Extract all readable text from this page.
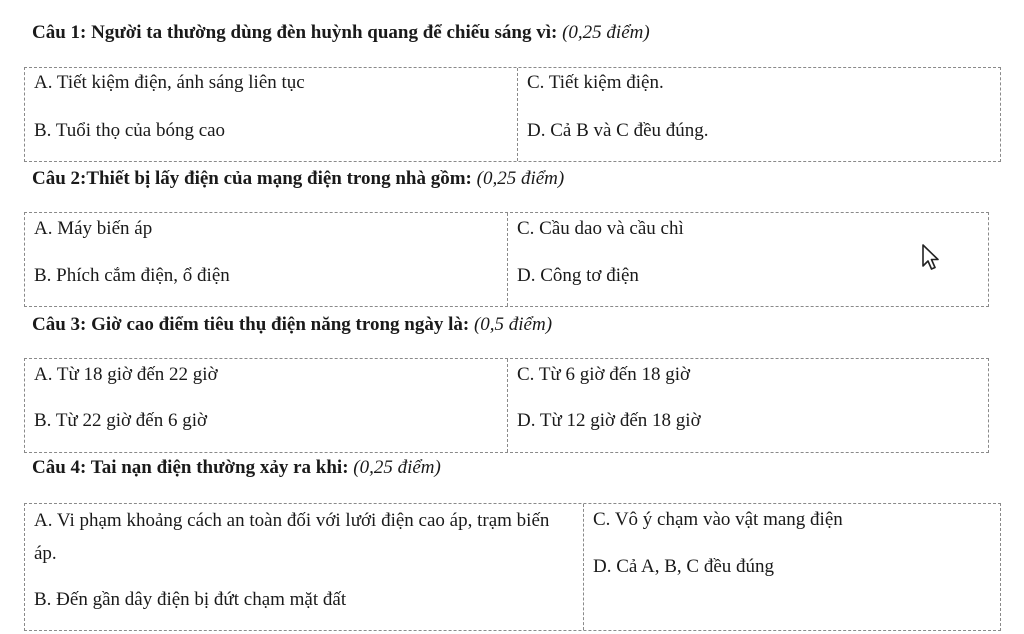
Câu 1: Người ta thường dùng đèn huỳnh quang để chiếu sáng vì: (0,25 điểm)
A. Tiết kiệm điện, ánh sáng liên tục
B. Tuổi thọ của bóng cao
C. Tiết kiệm điện.
D. Cả B và C đều đúng.
Câu 2:Thiết bị lấy điện của mạng điện trong nhà gồm: (0,25 điểm)
A. Máy biến áp
B. Phích cắm điện, ổ điện
C. Cầu dao và cầu chì
D. Công tơ điện
Câu 3: Giờ cao điểm tiêu thụ điện năng trong ngày là: (0,5 điểm)
A. Từ 18 giờ đến 22 giờ
B. Từ 22 giờ đến 6 giờ
C. Từ 6 giờ đến 18 giờ
D. Từ 12 giờ đến 18 giờ
Câu 4: Tai nạn điện thường xảy ra khi: (0,25 điểm)
A. Vi phạm khoảng cách an toàn đối với lưới điện cao áp, trạm biến áp.
B. Đến gần dây điện bị đứt chạm mặt đất
C. Vô ý chạm vào vật mang điện
D. Cả A, B, C đều đúng
